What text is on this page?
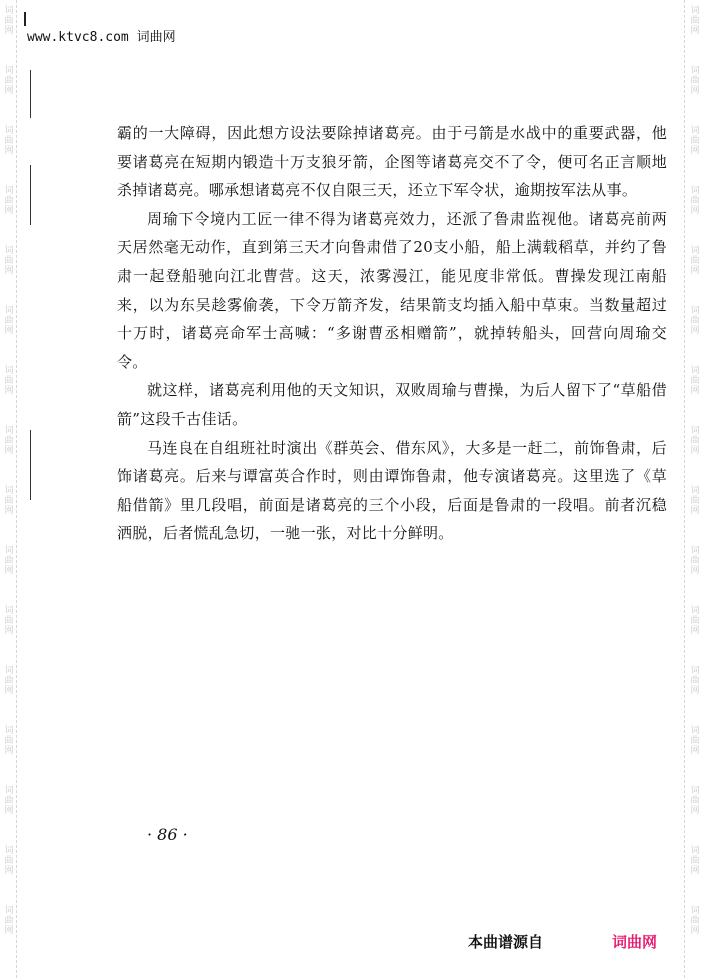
www.ktvc8.com 词曲网
词
曲
网
词
曲
网
词
曲
网
词
曲
网
词
曲
网
词
曲
网
词
曲
网
词
曲
网
词
曲
网
词
曲
网
词
曲
网
词
曲
网
词
曲
网
词
曲
网
词
曲
网
词
曲
网
词
曲
网
词
曲
网
词
曲
网
词
曲
网
词
曲
网
词
曲
网
词
曲
网
词
曲
网
词
曲
网
词
曲
网
词
曲
网
词
曲
网
词
曲
网
词
曲
网
词
曲
网
词
曲
网

霸的一大障碍，因此想方设法要除掉诸葛亮。由于弓箭是水战中的重要武器，他要诸葛亮在短期内锻造十万支狼牙箭，企图等诸葛亮交不了令，便可名正言顺地杀掉诸葛亮。哪承想诸葛亮不仅自限三天，还立下军令状，逾期按军法从事。

周瑜下令境内工匠一律不得为诸葛亮效力，还派了鲁肃监视他。诸葛亮前两天居然毫无动作，直到第三天才向鲁肃借了20支小船，船上满载稻草，并约了鲁肃一起登船驰向江北曹营。这天，浓雾漫江，能见度非常低。曹操发现江南船来，以为东吴趁雾偷袭，下令万箭齐发，结果箭支均插入船中草束。当数量超过十万时，诸葛亮命军士高喊：“多谢曹丞相赠箭”，就掉转船头，回营向周瑜交令。

就这样，诸葛亮利用他的天文知识，双败周瑜与曹操，为后人留下了“草船借箭”这段千古佳话。

马连良在自组班社时演出《群英会、借东风》，大多是一赶二，前饰鲁肃，后饰诸葛亮。后来与谭富英合作时，则由谭饰鲁肃，他专演诸葛亮。这里选了《草船借箭》里几段唱，前面是诸葛亮的三个小段，后面是鲁肃的一段唱。前者沉稳洒脱，后者慌乱急切，一驰一张，对比十分鲜明。

· 86 ·
本曲谱源自	词曲网
